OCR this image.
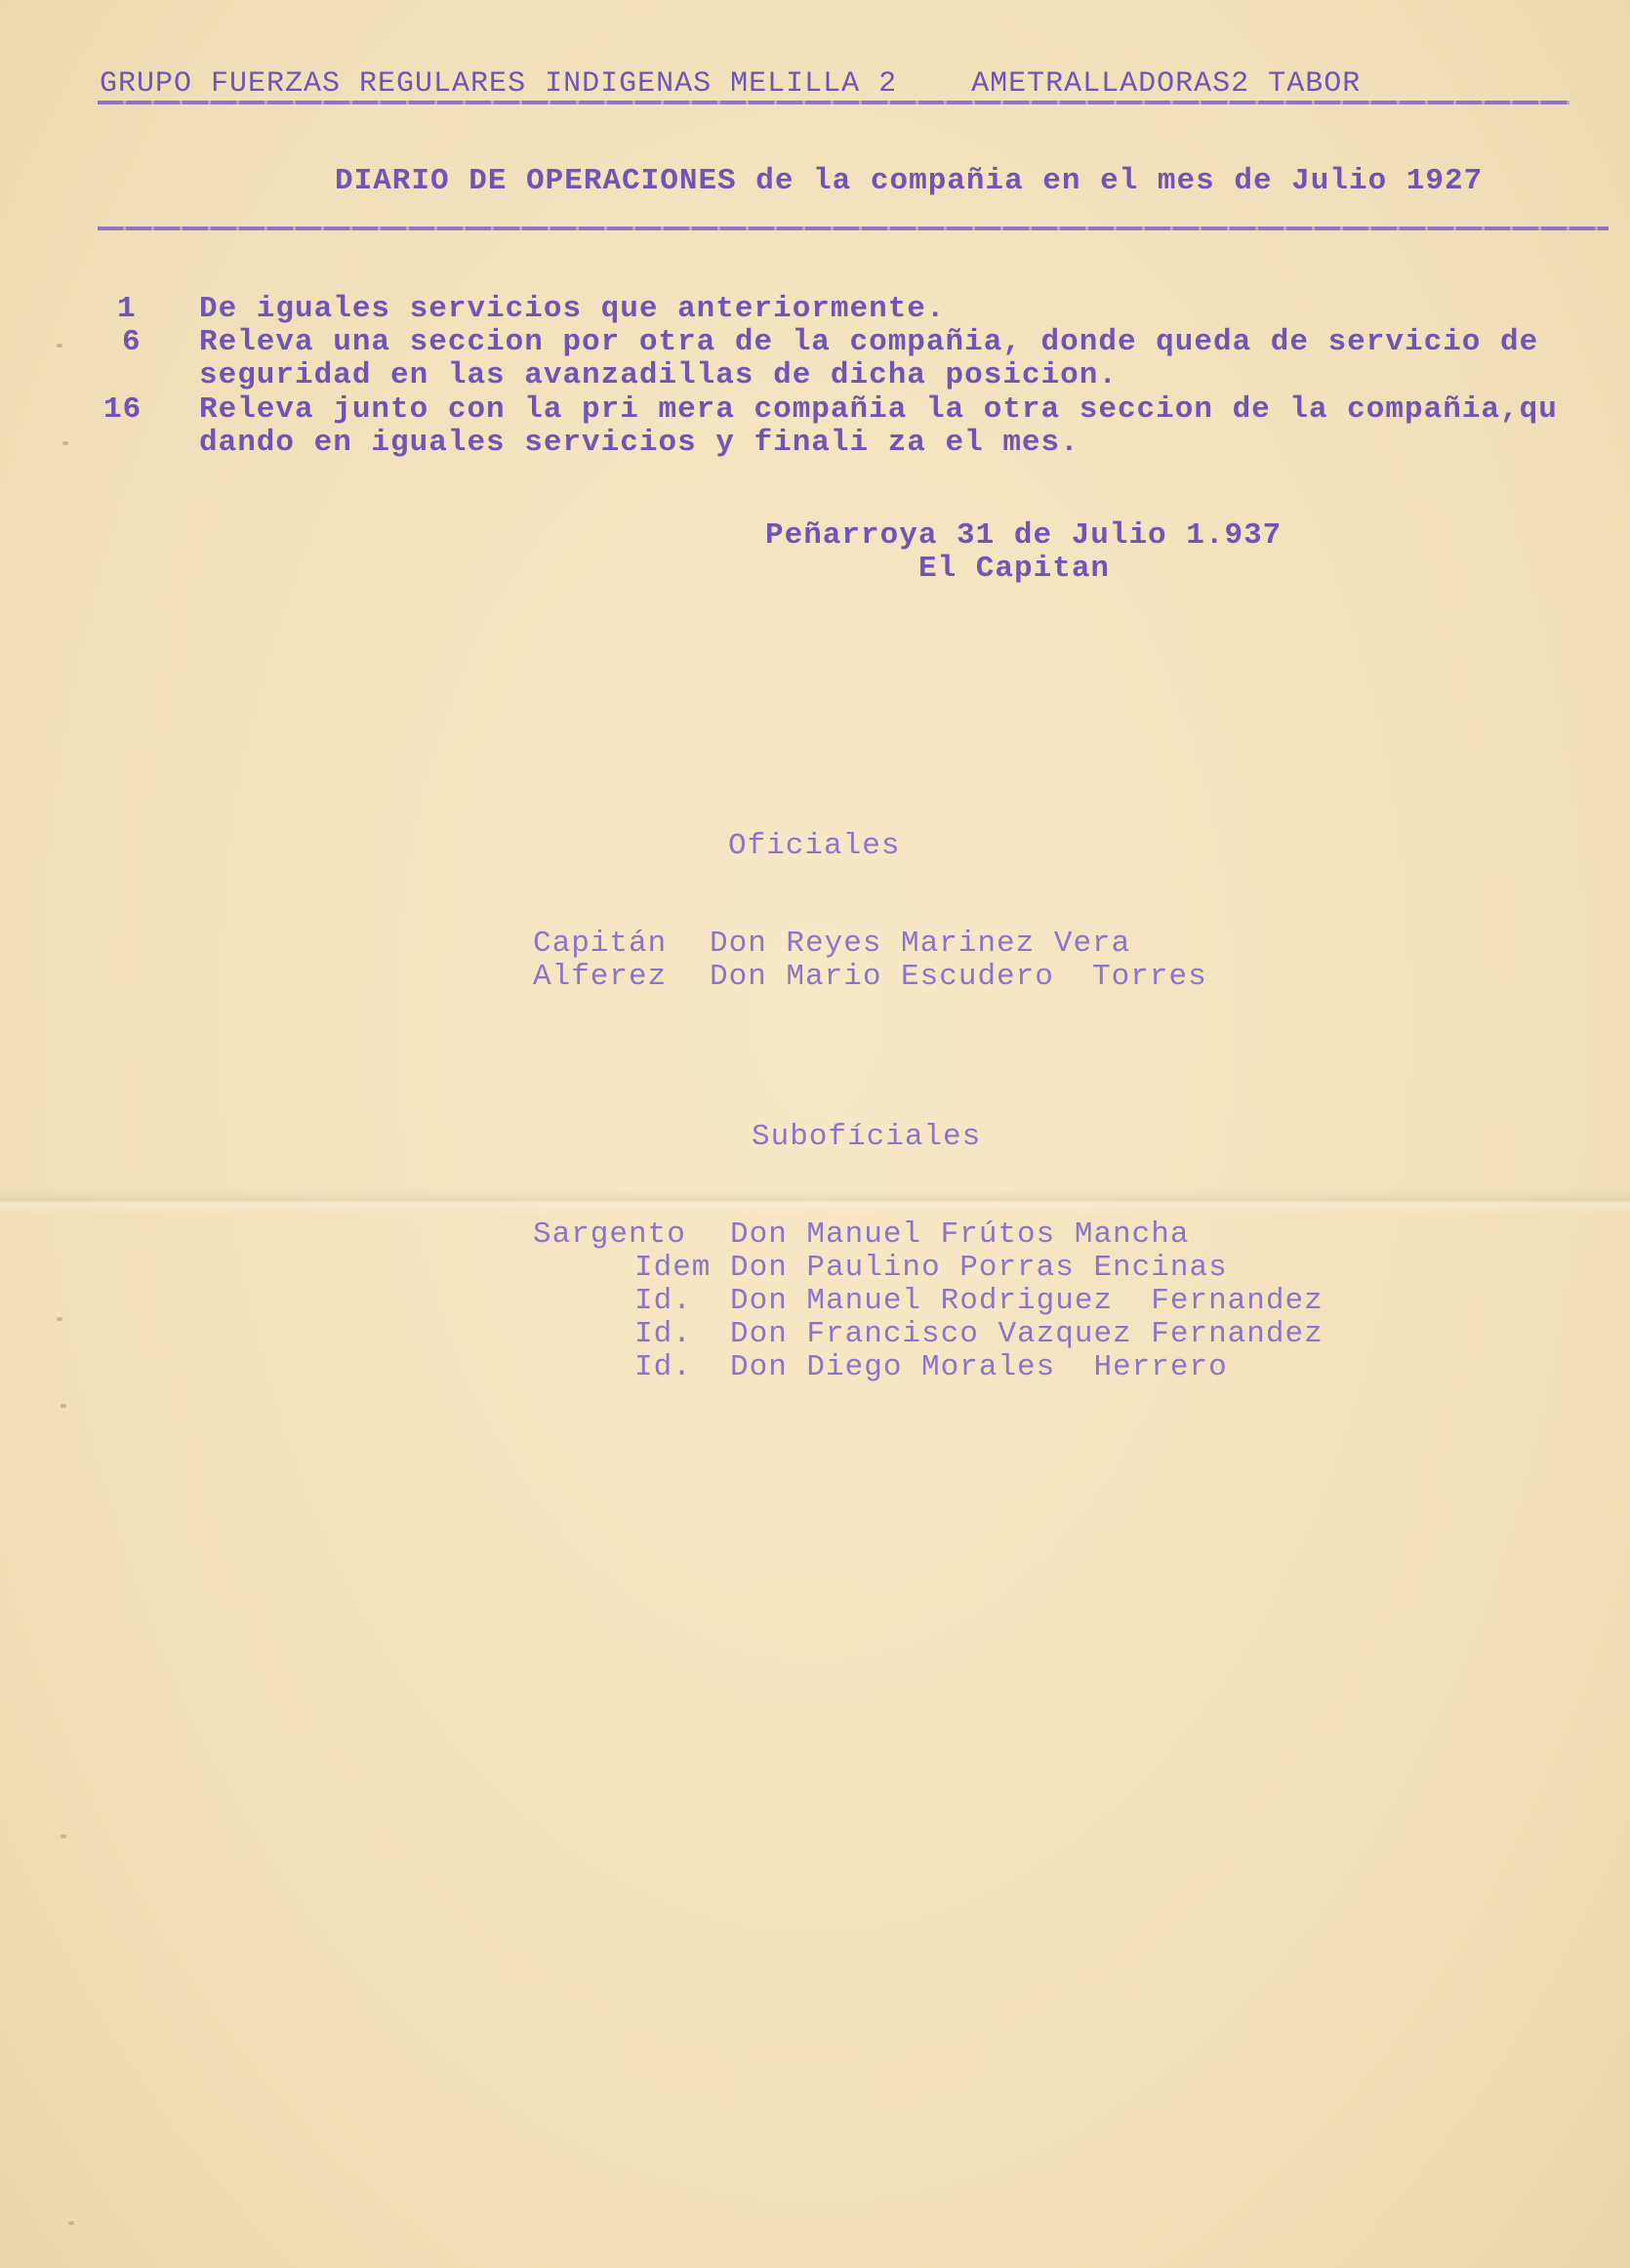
GRUPO FUERZAS REGULARES INDIGENAS MELILLA 2    AMETRALLADORAS2 TABOR
DIARIO DE OPERACIONES de la compañia en el mes de Julio 1927
1 De iguales servicios que anteriormente.
6 Releva una seccion por otra de la compañia, donde queda de servicio de
seguridad en las avanzadillas de dicha posicion.
16 Releva junto con la pri mera compañia la otra seccion de la compañia,qu
dando en iguales servicios y finali za el mes.
Peñarroya 31 de Julio 1.937
El Capitan
Oficiales
Capitán Don Reyes Marinez Vera
Alferez Don Mario Escudero  Torres
Subofíciales
Sargento Don Manuel Frútos Mancha
Idem Don Paulino Porras Encinas
Id. Don Manuel Rodriguez  Fernandez
Id. Don Francisco Vazquez Fernandez
Id. Don Diego Morales  Herrero
